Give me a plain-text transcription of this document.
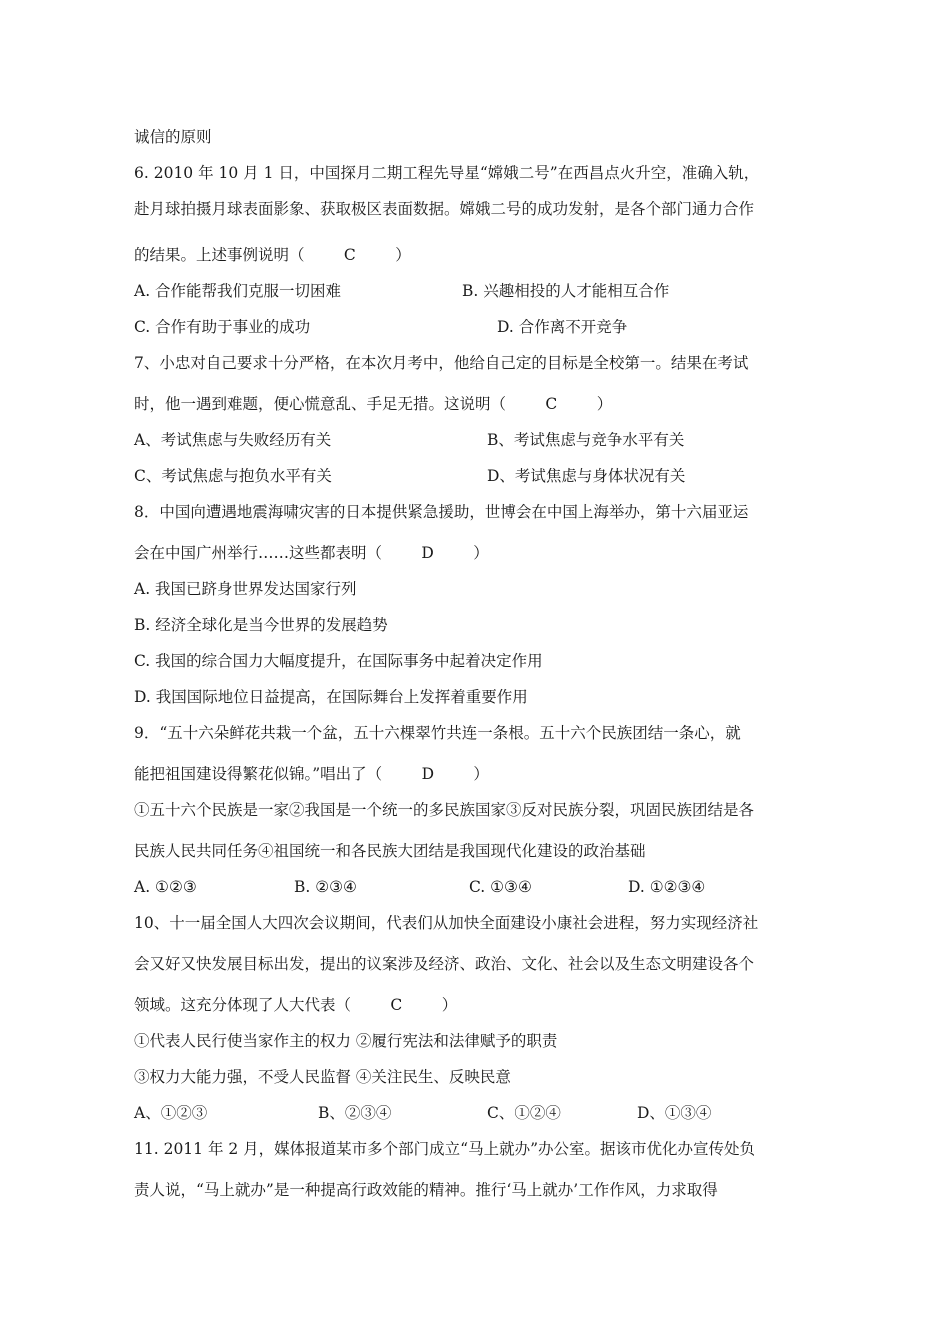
诚信的原则
6. 2010 年 10 月 1 日，中国探月二期工程先导星“嫦娥二号”在西昌点火升空，准确入轨，
赴月球拍摄月球表面影象、获取极区表面数据。嫦娥二号的成功发射，是各个部门通力合作
的结果。上述事例说明（        C        ）
A. 合作能帮我们克服一切困难	B. 兴趣相投的人才能相互合作
C. 合作有助于事业的成功	D. 合作离不开竞争
7、小忠对自己要求十分严格，在本次月考中，他给自己定的目标是全校第一。结果在考试
时，他一遇到难题，便心慌意乱、手足无措。这说明（        C        ）
A、考试焦虑与失败经历有关	B、考试焦虑与竞争水平有关
C、考试焦虑与抱负水平有关	D、考试焦虑与身体状况有关
8．中国向遭遇地震海啸灾害的日本提供紧急援助，世博会在中国上海举办，第十六届亚运
会在中国广州举行……这些都表明（        D        ）
A. 我国已跻身世界发达国家行列
B. 经济全球化是当今世界的发展趋势
C. 我国的综合国力大幅度提升，在国际事务中起着决定作用
D. 我国国际地位日益提高，在国际舞台上发挥着重要作用
9．“五十六朵鲜花共栽一个盆，五十六棵翠竹共连一条根。五十六个民族团结一条心，就
能把祖国建设得繁花似锦。”唱出了（        D        ）
①五十六个民族是一家②我国是一个统一的多民族国家③反对民族分裂，巩固民族团结是各
民族人民共同任务④祖国统一和各民族大团结是我国现代化建设的政治基础
A. ①②③	B. ②③④	C. ①③④	D. ①②③④
10、十一届全国人大四次会议期间，代表们从加快全面建设小康社会进程，努力实现经济社
会又好又快发展目标出发，提出的议案涉及经济、政治、文化、社会以及生态文明建设各个
领域。这充分体现了人大代表（        C        ）
①代表人民行使当家作主的权力 ②履行宪法和法律赋予的职责
③权力大能力强，不受人民监督 ④关注民生、反映民意
A、①②③	B、②③④	C、①②④	D、①③④
11. 2011 年 2 月，媒体报道某市多个部门成立“马上就办”办公室。据该市优化办宣传处负
责人说，“马上就办”是一种提高行政效能的精神。推行‘马上就办’工作作风，力求取得
